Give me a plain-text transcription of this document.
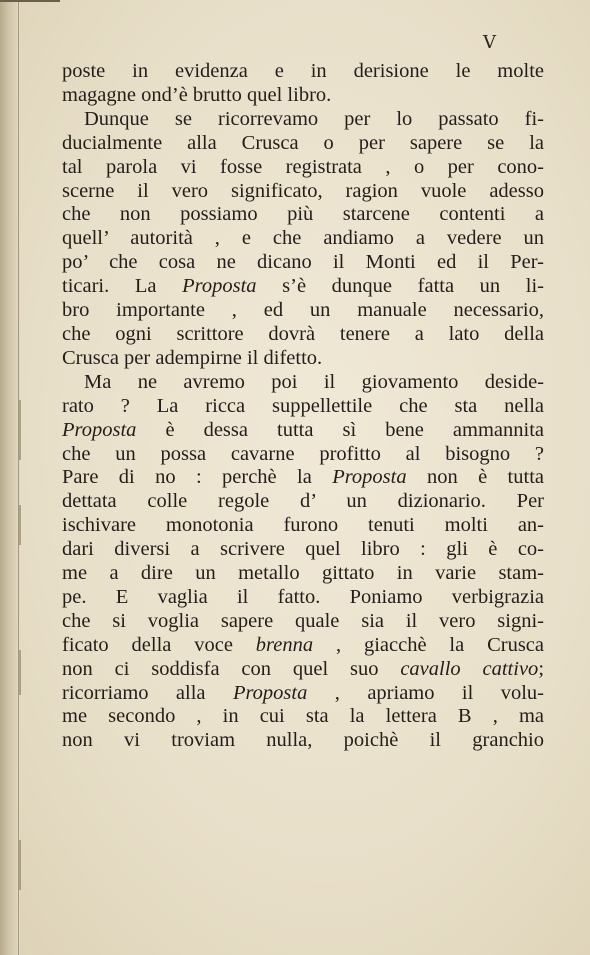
V
poste in evidenza e in derisione le molte
magagne ond’è brutto quel libro.
Dunque se ricorrevamo per lo passato fi-
ducialmente alla Crusca o per sapere se la
tal parola vi fosse registrata , o per cono-
scerne il vero significato, ragion vuole adesso
che non possiamo più starcene contenti a
quell’ autorità , e che andiamo a vedere un
po’ che cosa ne dicano il Monti ed il Per-
ticari. La Proposta s’è dunque fatta un li-
bro importante , ed un manuale necessario,
che ogni scrittore dovrà tenere a lato della
Crusca per adempirne il difetto.
Ma ne avremo poi il giovamento deside-
rato ? La ricca suppellettile che sta nella
Proposta è dessa tutta sì bene ammannita
che un possa cavarne profitto al bisogno ?
Pare di no : perchè la Proposta non è tutta
dettata colle regole d’ un dizionario. Per
ischivare monotonia furono tenuti molti an-
dari diversi a scrivere quel libro : gli è co-
me a dire un metallo gittato in varie stam-
pe. E vaglia il fatto. Poniamo verbigrazia
che si voglia sapere quale sia il vero signi-
ficato della voce brenna , giacchè la Crusca
non ci soddisfa con quel suo cavallo cattivo;
ricorriamo alla Proposta , apriamo il volu-
me secondo , in cui sta la lettera B , ma
non vi troviam nulla, poichè il granchio
